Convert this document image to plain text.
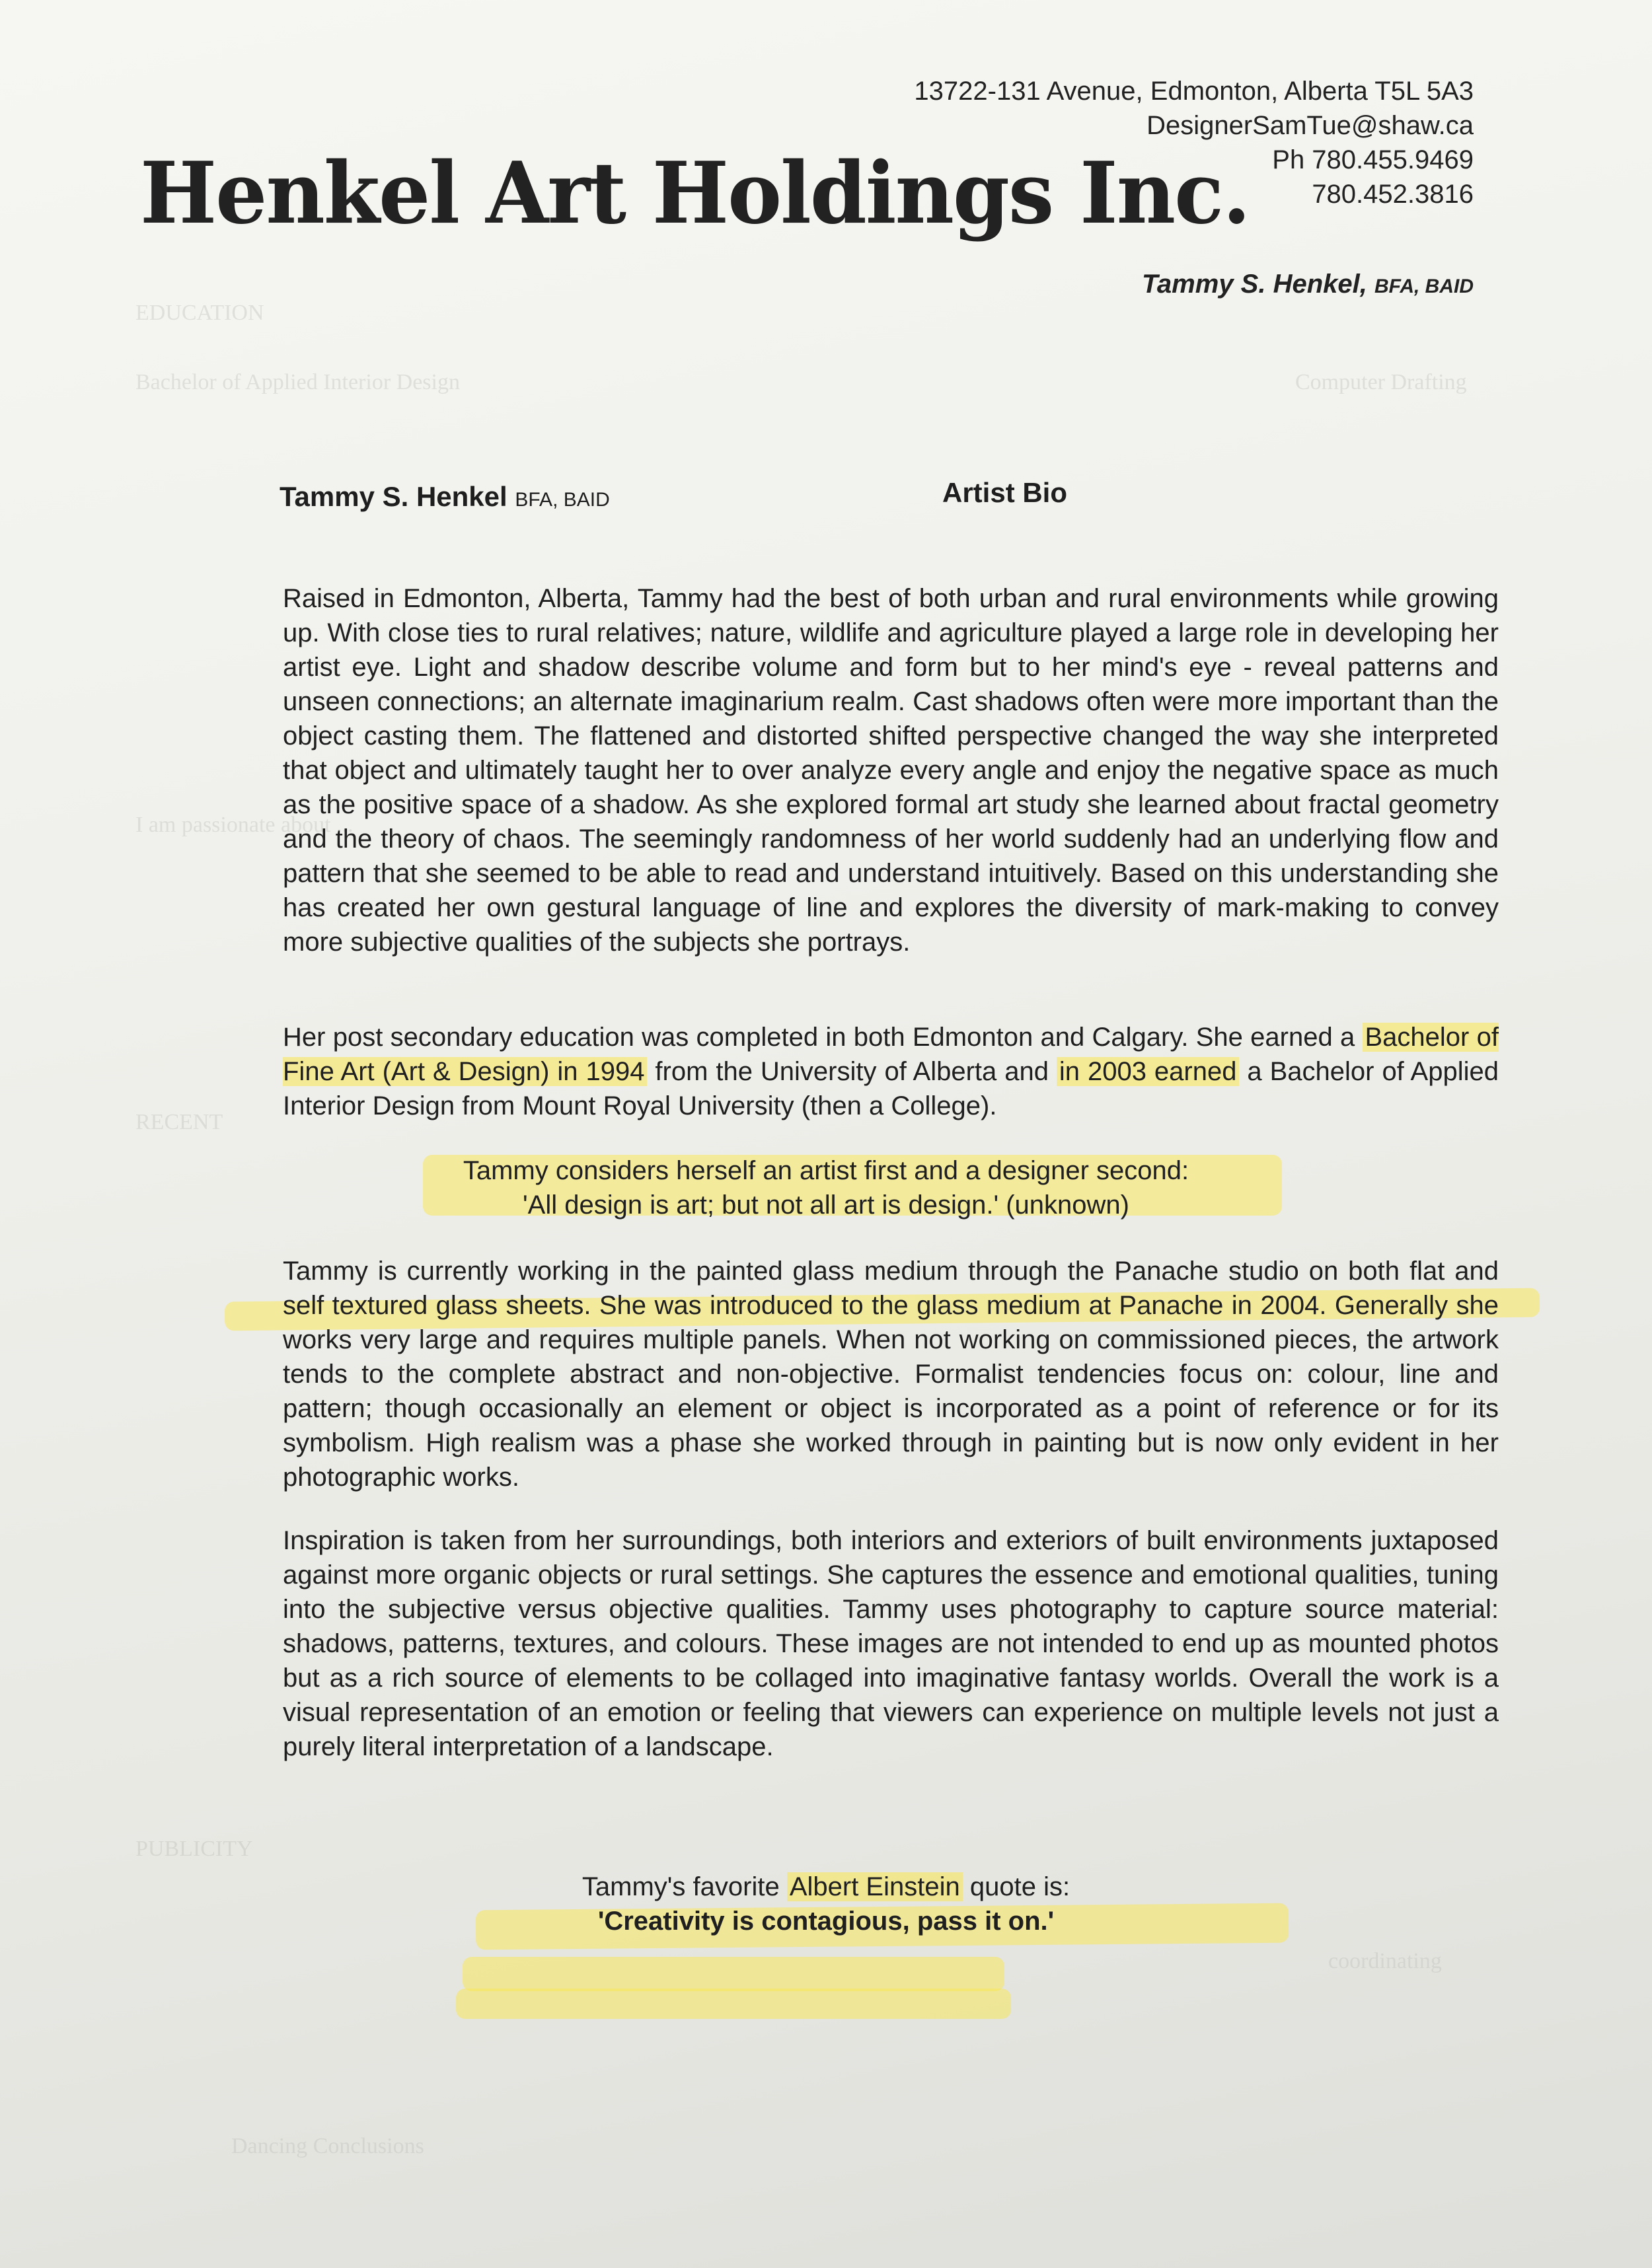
EDUCATION
Bachelor of Applied Interior Design	Computer Drafting
I am passionate about ...
RECENT
PUBLICITY
coordinating
Dancing Conclusions
13722-131 Avenue, Edmonton, Alberta T5L 5A3
DesignerSamTue@shaw.ca
Ph 780.455.9469
780.452.3816
Henkel Art Holdings Inc.
Tammy S. Henkel, BFA, BAID
Tammy S. Henkel BFA, BAID	Artist Bio
Raised in Edmonton, Alberta, Tammy had the best of both urban and rural environments while growing up. With close ties to rural relatives; nature, wildlife and agriculture played a large role in developing her artist eye. Light and shadow describe volume and form but to her mind's eye - reveal patterns and unseen connections; an alternate imaginarium realm. Cast shadows often were more important than the object casting them. The flattened and distorted shifted perspective changed the way she interpreted that object and ultimately taught her to over analyze every angle and enjoy the negative space as much as the positive space of a shadow. As she explored formal art study she learned about fractal geometry and the theory of chaos. The seemingly randomness of her world suddenly had an underlying flow and pattern that she seemed to be able to read and understand intuitively. Based on this understanding she has created her own gestural language of line and explores the diversity of mark-making to convey more subjective qualities of the subjects she portrays.
Her post secondary education was completed in both Edmonton and Calgary. She earned a Bachelor of Fine Art (Art & Design) in 1994 from the University of Alberta and in 2003 earned a Bachelor of Applied Interior Design from Mount Royal University (then a College).
Tammy considers herself an artist first and a designer second:
'All design is art; but not all art is design.' (unknown)
Tammy is currently working in the painted glass medium through the Panache studio on both flat and self textured glass sheets. She was introduced to the glass medium at Panache in 2004. Generally she works very large and requires multiple panels. When not working on commissioned pieces, the artwork tends to the complete abstract and non-objective. Formalist tendencies focus on: colour, line and pattern; though occasionally an element or object is incorporated as a point of reference or for its symbolism. High realism was a phase she worked through in painting but is now only evident in her photographic works.
Inspiration is taken from her surroundings, both interiors and exteriors of built environments juxtaposed against more organic objects or rural settings. She captures the essence and emotional qualities, tuning into the subjective versus objective qualities. Tammy uses photography to capture source material: shadows, patterns, textures, and colours. These images are not intended to end up as mounted photos but as a rich source of elements to be collaged into imaginative fantasy worlds. Overall the work is a visual representation of an emotion or feeling that viewers can experience on multiple levels not just a purely literal interpretation of a landscape.
Tammy's favorite Albert Einstein quote is:
'Creativity is contagious, pass it on.'
